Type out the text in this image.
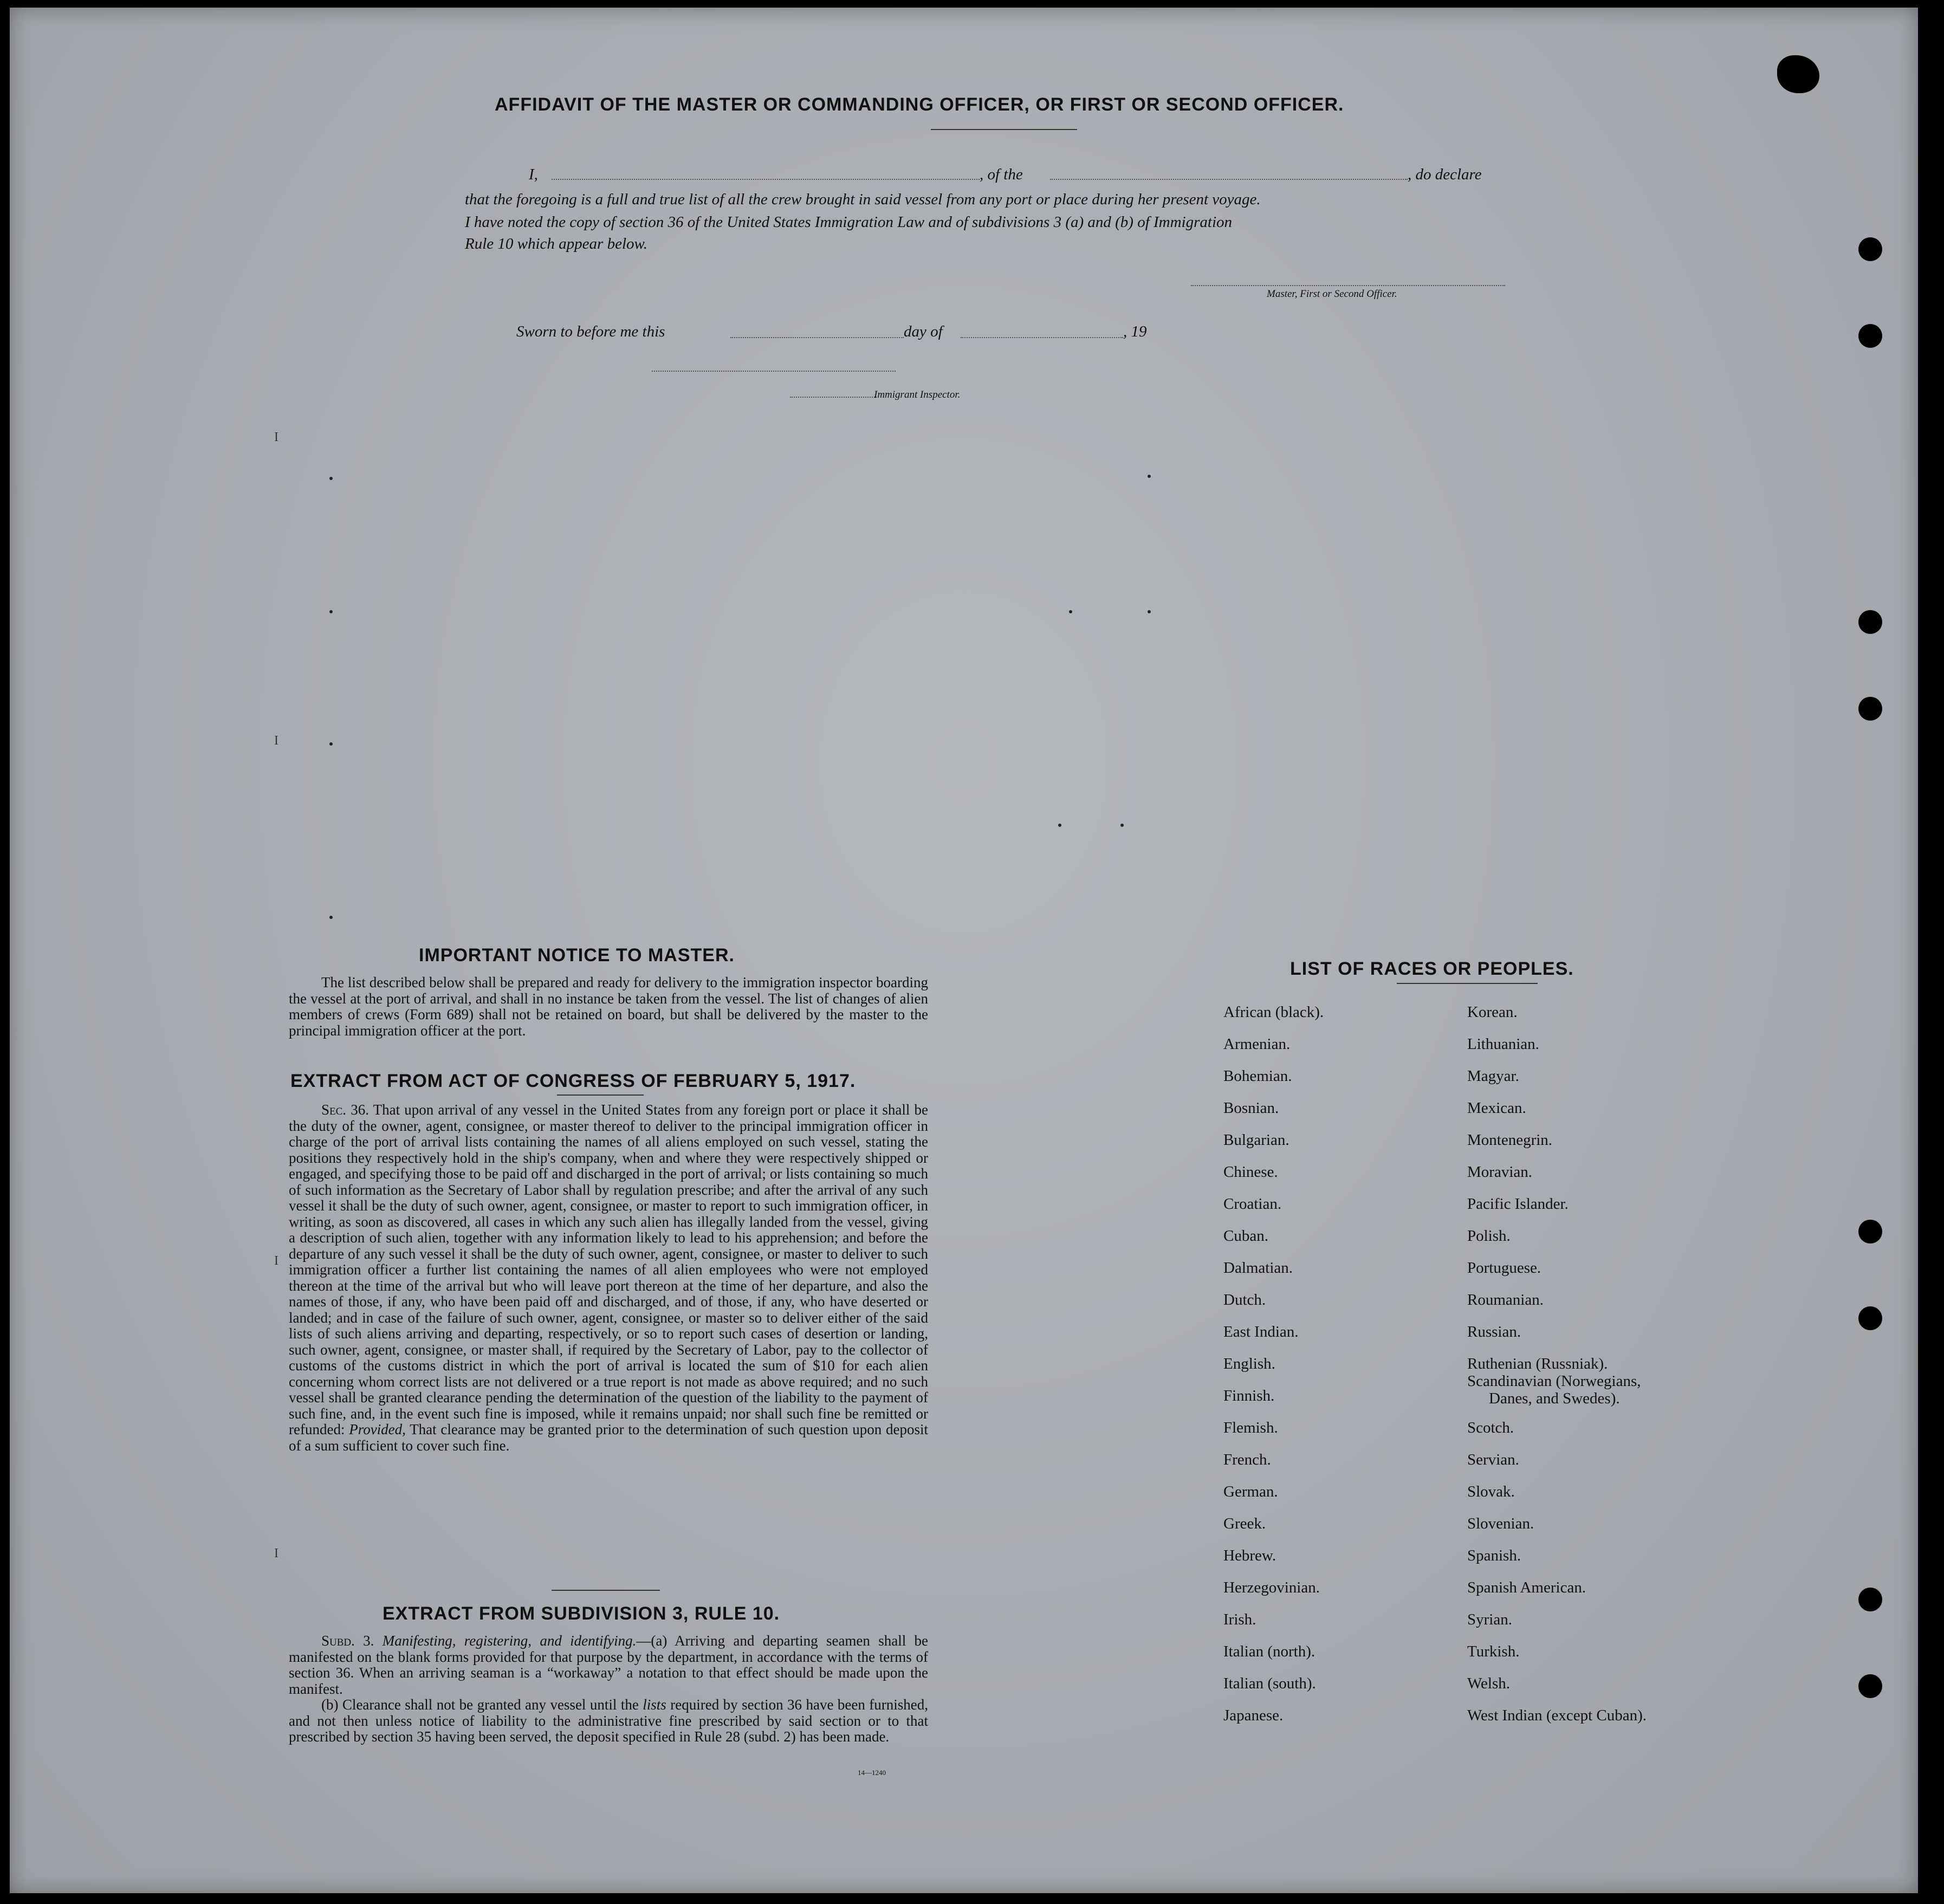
AFFIDAVIT OF THE MASTER OR COMMANDING OFFICER, OR FIRST OR SECOND OFFICER.
I,	, of the	, do declare
that the foregoing is a full and true list of all the crew brought in said vessel from any port or place during her present voyage.
I have noted the copy of section 36 of the United States Immigration Law and of subdivisions 3 (a) and (b) of Immigration
Rule 10 which appear below.
Master, First or Second Officer.
Sworn to before me this	day of	, 19
Immigrant Inspector.
IMPORTANT NOTICE TO MASTER.

The list described below shall be prepared and ready for delivery to the immigration inspector boarding the vessel at the port of arrival, and shall in no instance be taken from the vessel. The list of changes of alien members of crews (Form 689) shall not be retained on board, but shall be delivered by the master to the principal immigration officer at the port.

EXTRACT FROM ACT OF CONGRESS OF FEBRUARY 5, 1917.

Sec. 36. That upon arrival of any vessel in the United States from any foreign port or place it shall be the duty of the owner, agent, consignee, or master thereof to deliver to the principal immigration officer in charge of the port of arrival lists containing the names of all aliens employed on such vessel, stating the positions they respectively hold in the ship's company, when and where they were respectively shipped or engaged, and specifying those to be paid off and discharged in the port of arrival; or lists containing so much of such information as the Secretary of Labor shall by regulation prescribe; and after the arrival of any such vessel it shall be the duty of such owner, agent, consignee, or master to report to such immigration officer, in writing, as soon as discovered, all cases in which any such alien has illegally landed from the vessel, giving a description of such alien, together with any information likely to lead to his apprehension; and before the departure of any such vessel it shall be the duty of such owner, agent, consignee, or master to deliver to such immigration officer a further list containing the names of all alien employees who were not employed thereon at the time of the arrival but who will leave port thereon at the time of her departure, and also the names of those, if any, who have been paid off and discharged, and of those, if any, who have deserted or landed; and in case of the failure of such owner, agent, consignee, or master so to deliver either of the said lists of such aliens arriving and departing, respectively, or so to report such cases of desertion or landing, such owner, agent, consignee, or master shall, if required by the Secretary of Labor, pay to the collector of customs of the customs district in which the port of arrival is located the sum of $10 for each alien concerning whom correct lists are not delivered or a true report is not made as above required; and no such vessel shall be granted clearance pending the determination of the question of the liability to the payment of such fine, and, in the event such fine is imposed, while it remains unpaid; nor shall such fine be remitted or refunded: Provided, That clearance may be granted prior to the determination of such question upon deposit of a sum sufficient to cover such fine.

EXTRACT FROM SUBDIVISION 3, RULE 10.

Subd. 3. Manifesting, registering, and identifying.—(a) Arriving and departing seamen shall be manifested on the blank forms provided for that purpose by the department, in accordance with the terms of section 36. When an arriving seaman is a “workaway” a notation to that effect should be made upon the manifest.

(b) Clearance shall not be granted any vessel until the lists required by section 36 have been furnished, and not then unless notice of liability to the administrative fine prescribed by said section or to that prescribed by section 35 having been served, the deposit specified in Rule 28 (subd. 2) has been made.

14—1240
LIST OF RACES OR PEOPLES.
African (black).
Armenian.
Bohemian.
Bosnian.
Bulgarian.
Chinese.
Croatian.
Cuban.
Dalmatian.
Dutch.
East Indian.
English.
Finnish.
Flemish.
French.
German.
Greek.
Hebrew.
Herzegovinian.
Irish.
Italian (north).
Italian (south).
Japanese.
Korean.
Lithuanian.
Magyar.
Mexican.
Montenegrin.
Moravian.
Pacific Islander.
Polish.
Portuguese.
Roumanian.
Russian.
Ruthenian (Russniak).
Scandinavian (Norwegians,
Danes, and Swedes).
Scotch.
Servian.
Slovak.
Slovenian.
Spanish.
Spanish American.
Syrian.
Turkish.
Welsh.
West Indian (except Cuban).
I
I
I
I
